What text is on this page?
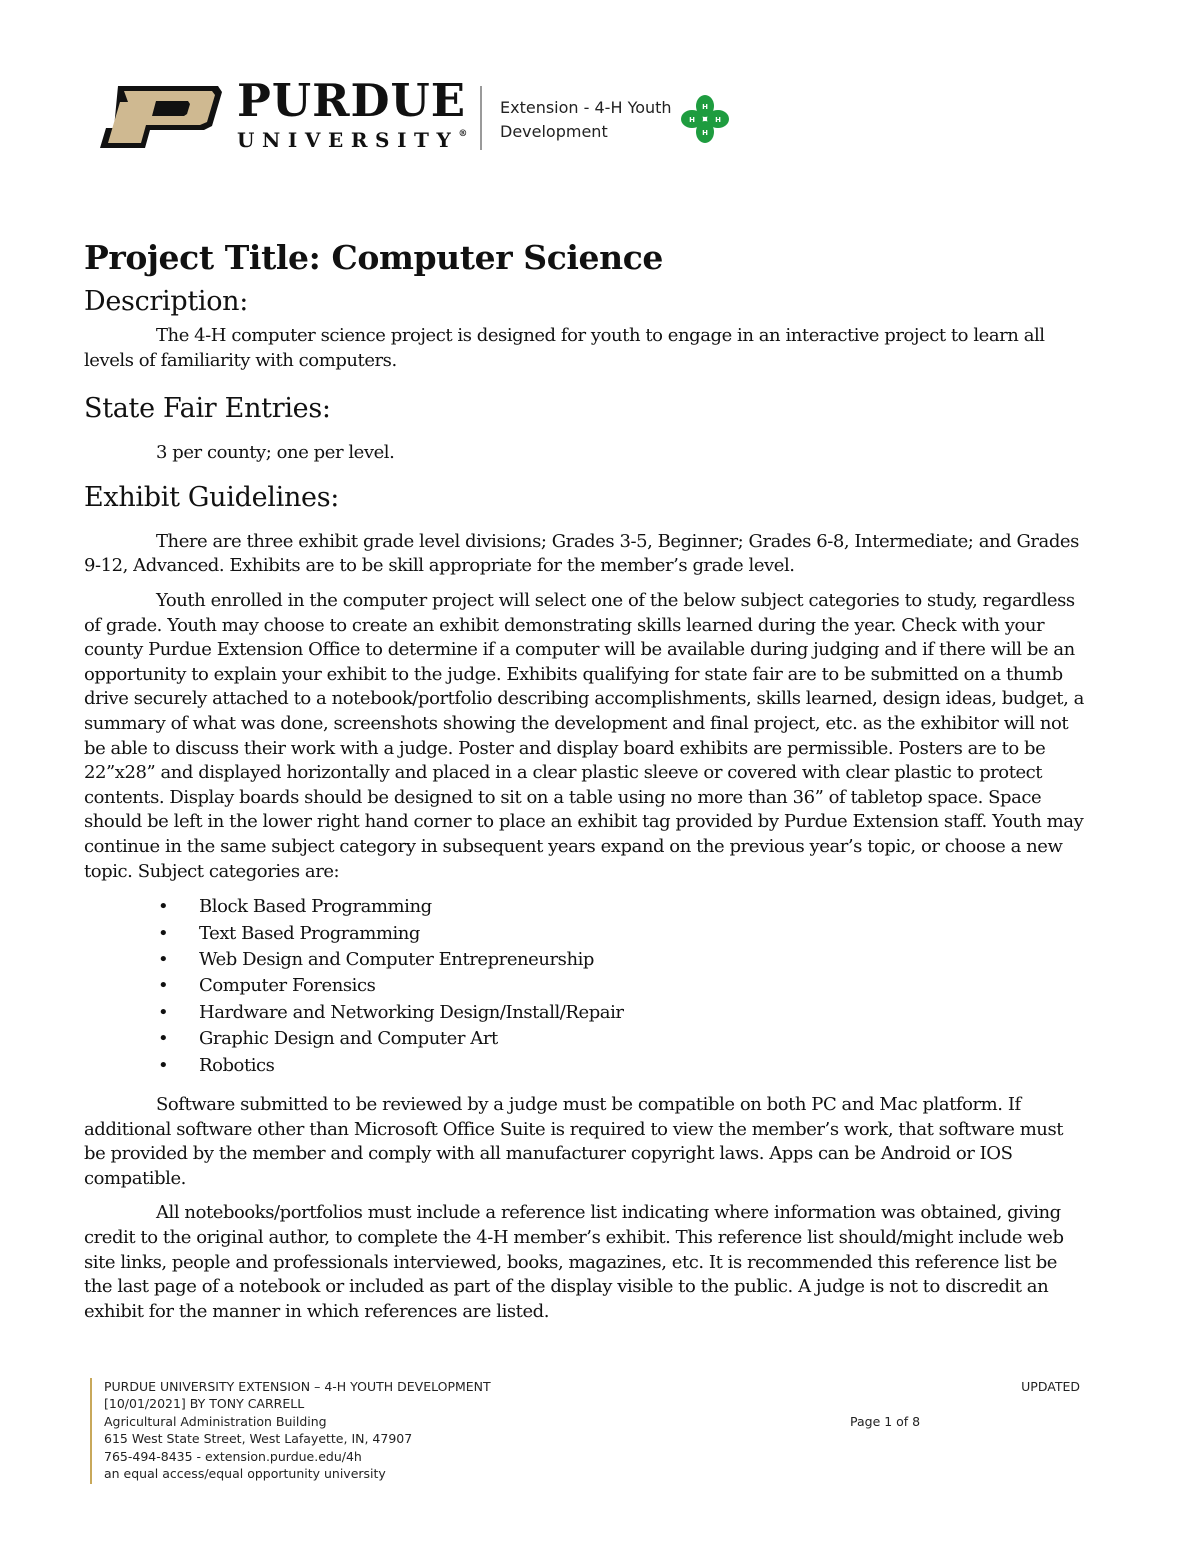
PURDUE
UNIVERSITY®
Extension - 4-H Youth
Development
H
H
H	H
Project Title: Computer Science
Description:

The 4-H computer science project is designed for youth to engage in an interactive project to learn all levels of familiarity with computers.

State Fair Entries:

3 per county; one per level.

Exhibit Guidelines:

There are three exhibit grade level divisions; Grades 3-5, Beginner; Grades 6-8, Intermediate; and Grades 9-12, Advanced. Exhibits are to be skill appropriate for the member’s grade level.

Youth enrolled in the computer project will select one of the below subject categories to study, regardless of grade. Youth may choose to create an exhibit demonstrating skills learned during the year. Check with your county Purdue Extension Office to determine if a computer will be available during judging and if there will be an opportunity to explain your exhibit to the judge. Exhibits qualifying for state fair are to be submitted on a thumb drive securely attached to a notebook/portfolio describing accomplishments, skills learned, design ideas, budget, a summary of what was done, screenshots showing the development and final project, etc. as the exhibitor will not be able to discuss their work with a judge. Poster and display board exhibits are permissible. Posters are to be 22”x28” and displayed horizontally and placed in a clear plastic sleeve or covered with clear plastic to protect contents. Display boards should be designed to sit on a table using no more than 36” of tabletop space. Space should be left in the lower right hand corner to place an exhibit tag provided by Purdue Extension staff. Youth may continue in the same subject category in subsequent years expand on the previous year’s topic, or choose a new topic. Subject categories are:

• Block Based Programming
• Text Based Programming
• Web Design and Computer Entrepreneurship
• Computer Forensics
• Hardware and Networking Design/Install/Repair
• Graphic Design and Computer Art
• Robotics

Software submitted to be reviewed by a judge must be compatible on both PC and Mac platform. If additional software other than Microsoft Office Suite is required to view the member’s work, that software must be provided by the member and comply with all manufacturer copyright laws. Apps can be Android or IOS compatible.

All notebooks/portfolios must include a reference list indicating where information was obtained, giving credit to the original author, to complete the 4-H member’s exhibit. This reference list should/might include web site links, people and professionals interviewed, books, magazines, etc. It is recommended this reference list be the last page of a notebook or included as part of the display visible to the public. A judge is not to discredit an exhibit for the manner in which references are listed.

PURDUE UNIVERSITY EXTENSION – 4-H YOUTH DEVELOPMENT
[10/01/2021] BY TONY CARRELL
Agricultural Administration Building
615 West State Street, West Lafayette, IN, 47907
765-494-8435 - extension.purdue.edu/4h
an equal access/equal opportunity university
UPDATED
Page 1 of 8
